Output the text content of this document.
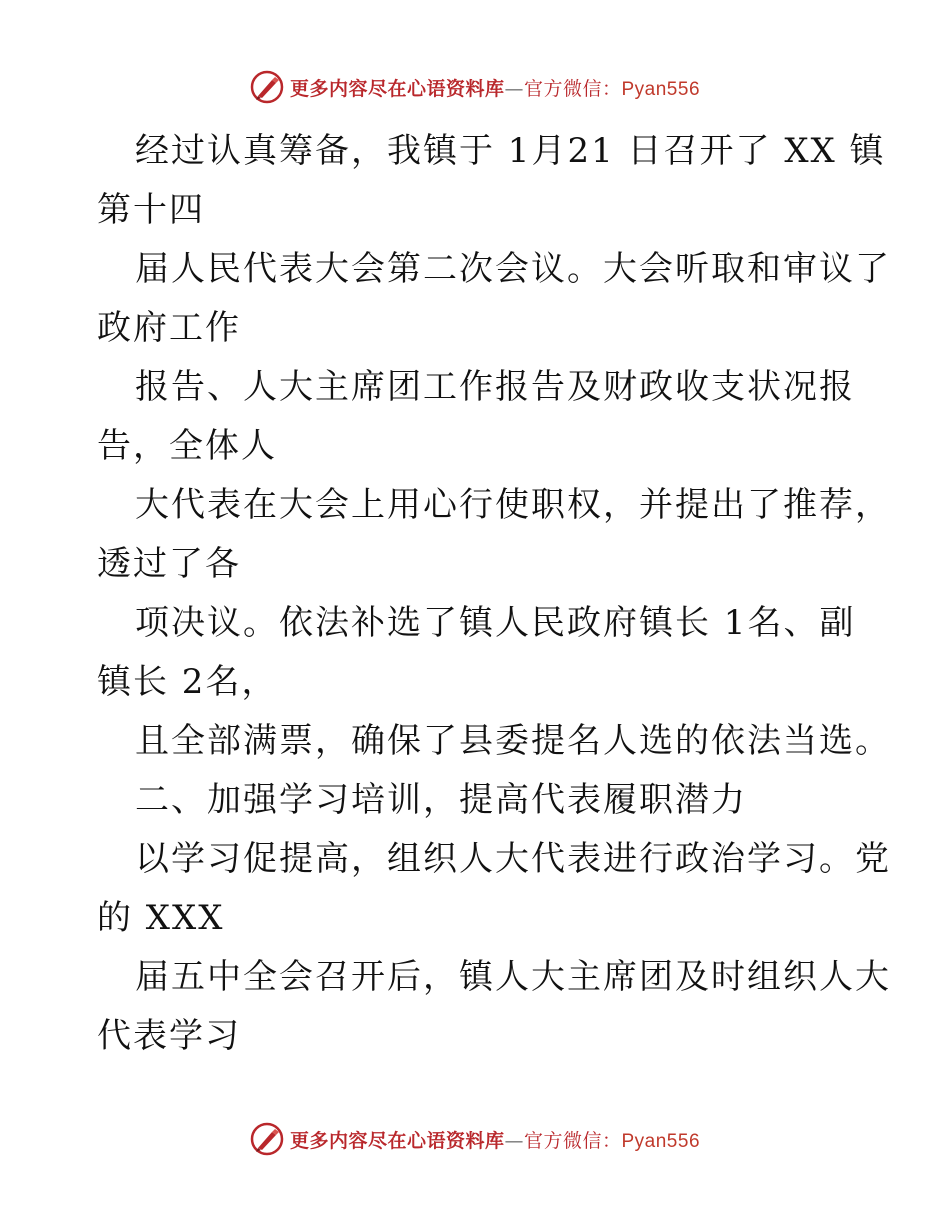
更多内容尽在心语资料库—官方微信：Pyan556
经过认真筹备，我镇于 1月21 日召开了 XX 镇
第十四
届人民代表大会第二次会议。大会听取和审议了
政府工作
报告、人大主席团工作报告及财政收支状况报
告，全体人
大代表在大会上用心行使职权，并提出了推荐，
透过了各
项决议。依法补选了镇人民政府镇长 1名、副
镇长 2名，
且全部满票，确保了县委提名人选的依法当选。
二、加强学习培训，提高代表履职潜力
以学习促提高，组织人大代表进行政治学习。党
的 XXX
届五中全会召开后，镇人大主席团及时组织人大
代表学习
更多内容尽在心语资料库—官方微信：Pyan556
